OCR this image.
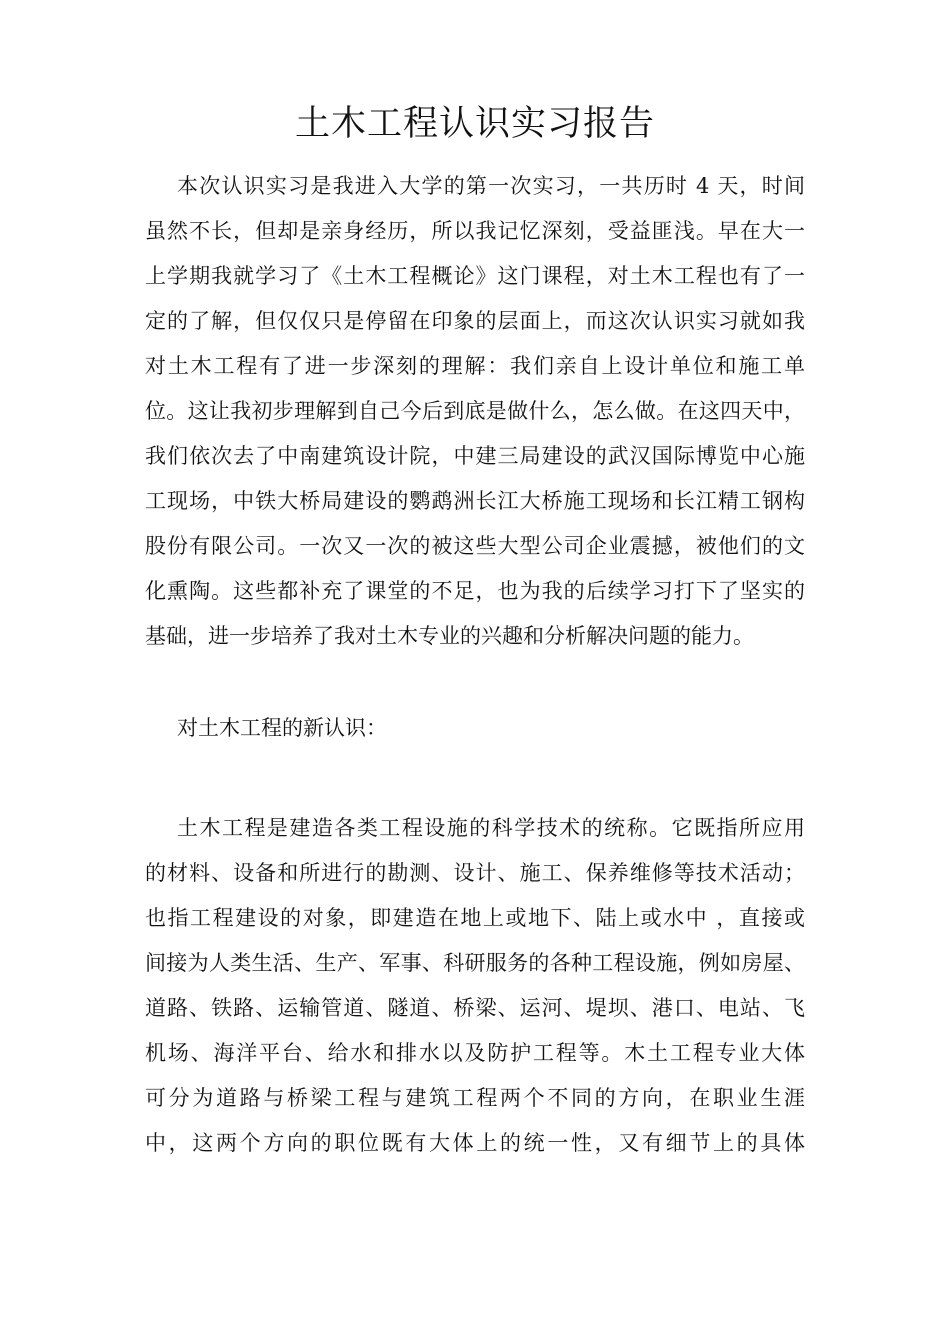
土木工程认识实习报告
本次认识实习是我进入大学的第一次实习，一共历时 4 天，时间
虽然不长，但却是亲身经历，所以我记忆深刻，受益匪浅。早在大一
上学期我就学习了《土木工程概论》这门课程，对土木工程也有了一
定的了解，但仅仅只是停留在印象的层面上，而这次认识实习就如我
对土木工程有了进一步深刻的理解：我们亲自上设计单位和施工单
位。这让我初步理解到自己今后到底是做什么，怎么做。在这四天中，
我们依次去了中南建筑设计院，中建三局建设的武汉国际博览中心施
工现场，中铁大桥局建设的鹦鹉洲长江大桥施工现场和长江精工钢构
股份有限公司。一次又一次的被这些大型公司企业震撼，被他们的文
化熏陶。这些都补充了课堂的不足，也为我的后续学习打下了坚实的
基础，进一步培养了我对土木专业的兴趣和分析解决问题的能力。
对土木工程的新认识：
土木工程是建造各类工程设施的科学技术的统称。它既指所应用
的材料、设备和所进行的勘测、设计、施工、保养维修等技术活动；
也指工程建设的对象，即建造在地上或地下、陆上或水中 ，直接或
间接为人类生活、生产、军事、科研服务的各种工程设施，例如房屋、
道路、铁路、运输管道、隧道、桥梁、运河、堤坝、港口、电站、飞
机场、海洋平台、给水和排水以及防护工程等。木土工程专业大体
可分为道路与桥梁工程与建筑工程两个不同的方向，在职业生涯
中，这两个方向的职位既有大体上的统一性，又有细节上的具体
